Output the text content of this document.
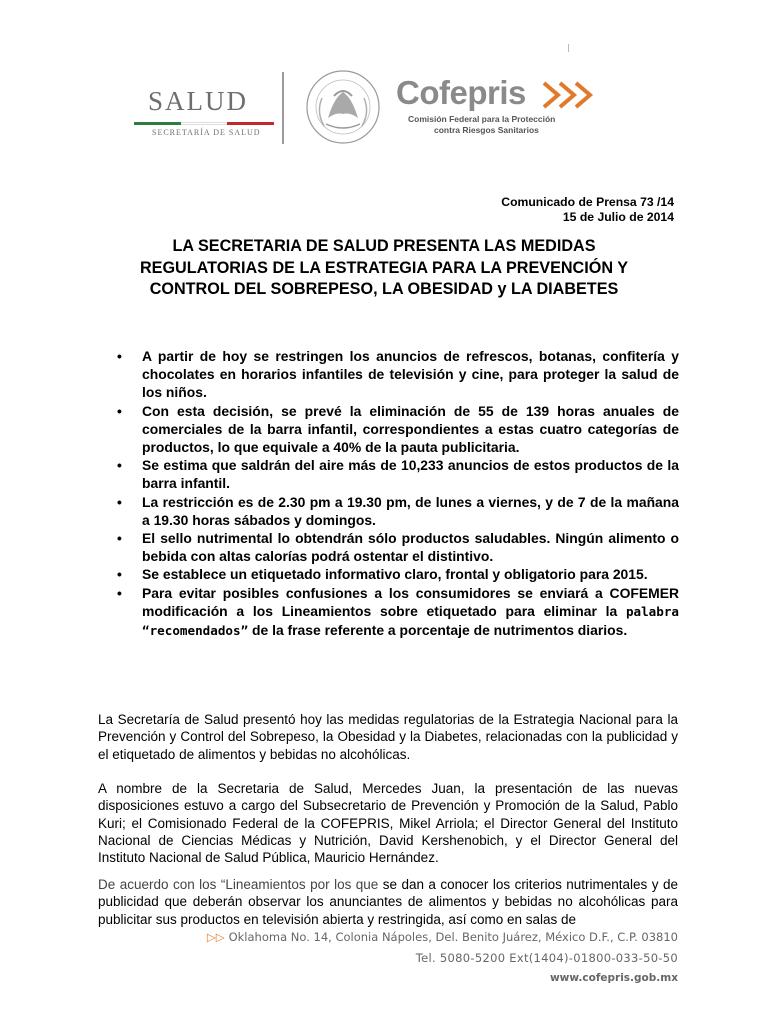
SALUD
SECRETARÍA DE SALUD
Cofepris
Comisión Federal para la Protección
contra Riesgos Sanitarios
Comunicado de Prensa 73 /14
15 de Julio de 2014
LA SECRETARIA DE SALUD PRESENTA LAS MEDIDAS
REGULATORIAS DE LA ESTRATEGIA PARA LA PREVENCIÓN Y
CONTROL DEL SOBREPESO, LA OBESIDAD y LA DIABETES
• A partir de hoy se restringen los anuncios de refrescos, botanas, confitería y chocolates en horarios infantiles de televisión y cine, para proteger la salud de los niños.
• Con esta decisión, se prevé la eliminación de 55 de 139 horas anuales de comerciales de la barra infantil, correspondientes a estas cuatro categorías de productos, lo que equivale a 40% de la pauta publicitaria.
• Se estima que saldrán del aire más de 10,233 anuncios de estos productos de la barra infantil.
• La restricción es de 2.30 pm a 19.30 pm, de lunes a viernes, y de 7 de la mañana a 19.30 horas sábados y domingos.
• El sello nutrimental lo obtendrán sólo productos saludables. Ningún alimento o bebida con altas calorías podrá ostentar el distintivo.
• Se establece un etiquetado informativo claro, frontal y obligatorio para 2015.
• Para evitar posibles confusiones a los consumidores se enviará a COFEMER modificación a los Lineamientos sobre etiquetado para eliminar la palabra “recomendados” de la frase referente a porcentaje de nutrimentos diarios.

La Secretaría de Salud presentó hoy las medidas regulatorias de la Estrategia Nacional para la Prevención y Control del Sobrepeso, la Obesidad y la Diabetes, relacionadas con la publicidad y el etiquetado de alimentos y bebidas no alcohólicas.

A nombre de la Secretaria de Salud, Mercedes Juan, la presentación de las nuevas disposiciones estuvo a cargo del Subsecretario de Prevención y Promoción de la Salud, Pablo Kuri; el Comisionado Federal de la COFEPRIS, Mikel Arriola; el Director General del Instituto Nacional de Ciencias Médicas y Nutrición, David Kershenobich, y el Director General del Instituto Nacional de Salud Pública, Mauricio Hernández.

De acuerdo con los “Lineamientos por los que se dan a conocer los criterios nutrimentales y de publicidad que deberán observar los anunciantes de alimentos y bebidas no alcohólicas para publicitar sus productos en televisión abierta y restringida, así como en salas de

▷▷ Oklahoma No. 14, Colonia Nápoles, Del. Benito Juárez, México D.F., C.P. 03810
Tel. 5080-5200 Ext(1404)-01800-033-50-50
www.cofepris.gob.mx
